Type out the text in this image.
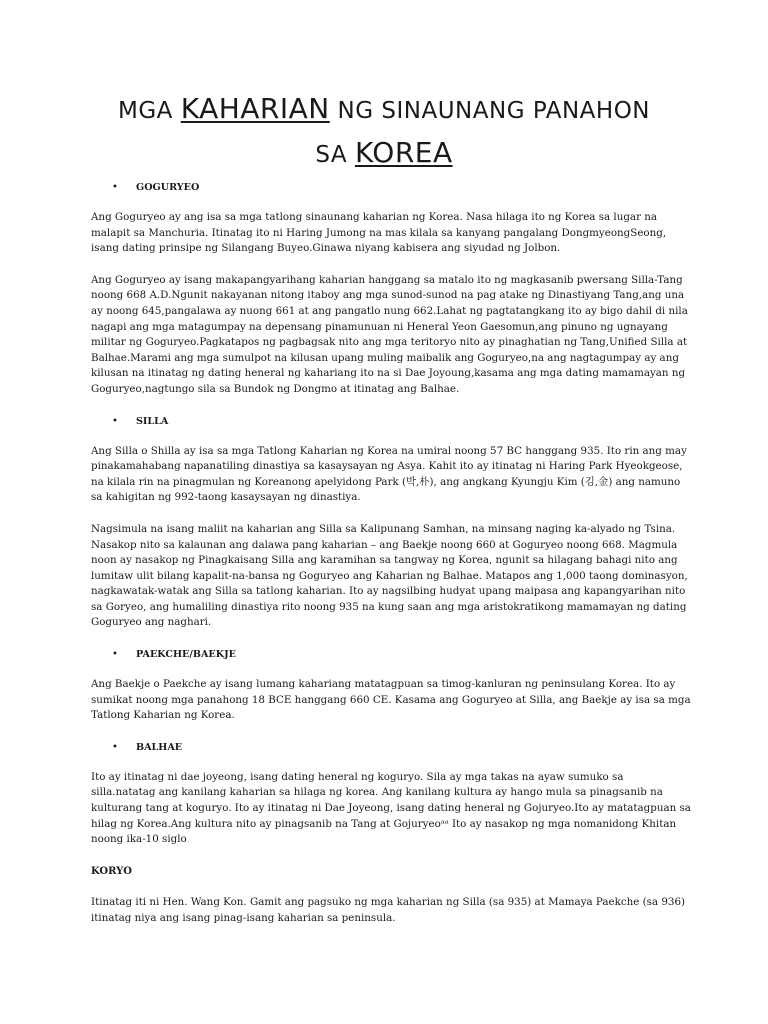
MGA KAHARIAN NG SINAUNANG PANAHON
SA KOREA
• GOGURYEO

Ang Goguryeo ay ang isa sa mga tatlong sinaunang kaharian ng Korea. Nasa hilaga ito ng Korea sa lugar na malapit sa Manchuria. Itinatag ito ni Haring Jumong na mas kilala sa kanyang pangalang DongmyeongSeong, isang dating prinsipe ng Silangang Buyeo.Ginawa niyang kabisera ang siyudad ng Jolbon.

Ang Goguryeo ay isang makapangyarihang kaharian hanggang sa matalo ito ng magkasanib pwersang Silla-Tang noong 668 A.D.Ngunit nakayanan nitong itaboy ang mga sunod-sunod na pag atake ng Dinastiyang Tang,ang una ay noong 645,pangalawa ay nuong 661 at ang pangatlo nung 662.Lahat ng pagtatangkang ito ay bigo dahil di nila nagapi ang mga matagumpay na depensang pinamunuan ni Heneral Yeon Gaesomun,ang pinuno ng ugnayang militar ng Goguryeo.Pagkatapos ng pagbagsak nito ang mga teritoryo nito ay pinaghatian ng Tang,Unified Silla at Balhae.Marami ang mga sumulpot na kilusan upang muling maibalik ang Goguryeo,na ang nagtagumpay ay ang kilusan na itinatag ng dating heneral ng kahariang ito na si Dae Joyoung,kasama ang mga dating mamamayan ng Goguryeo,nagtungo sila sa Bundok ng Dongmo at itinatag ang Balhae.

• SILLA

Ang Silla o Shilla ay isa sa mga Tatlong Kaharian ng Korea na umiral noong 57 BC hanggang 935. Ito rin ang may pinakamahabang napanatiling dinastiya sa kasaysayan ng Asya. Kahit ito ay itinatag ni Haring Park Hyeokgeose, na kilala rin na pinagmulan ng Koreanong apelyidong Park (박,朴), ang angkang Kyungju Kim (김,金) ang namuno sa kahigitan ng 992-taong kasaysayan ng dinastiya.

Nagsimula na isang maliit na kaharian ang Silla sa Kalipunang Samhan, na minsang naging ka-alyado ng Tsina. Nasakop nito sa kalaunan ang dalawa pang kaharian – ang Baekje noong 660 at Goguryeo noong 668. Magmula noon ay nasakop ng Pinagkaisang Silla ang karamihan sa tangway ng Korea, ngunit sa hilagang bahagi nito ang lumitaw ulit bilang kapalit-na-bansa ng Goguryeo ang Kaharian ng Balhae. Matapos ang 1,000 taong dominasyon, nagkawatak-watak ang Silla sa tatlong kaharian. Ito ay nagsilbing hudyat upang maipasa ang kapangyarihan nito sa Goryeo, ang humaliling dinastiya rito noong 935 na kung saan ang mga aristokratikong mamamayan ng dating Goguryeo ang naghari.

• PAEKCHE/BAEKJE

Ang Baekje o Paekche ay isang lumang kahariang matatagpuan sa timog-kanluran ng peninsulang Korea. Ito ay sumikat noong mga panahong 18 BCE hanggang 660 CE. Kasama ang Goguryeo at Silla, ang Baekje ay isa sa mga Tatlong Kaharian ng Korea.

• BALHAE

Ito ay itinatag ni dae joyeong, isang dating heneral ng koguryo. Sila ay mga takas na ayaw sumuko sa silla.natatag ang kanilang kaharian sa hilaga ng korea. Ang kanilang kultura ay hango mula sa pinagsanib na kulturang tang at koguryo. Ito ay itinatag ni Dae Joyeong, isang dating heneral ng Gojuryeo.Ito ay matatagpuan sa hilag ng Korea.Ang kultura nito ay pinagsanib na Tang at Gojuryeoᵃᵃ Ito ay nasakop ng mga nomanidong Khitan noong ika-10 siglo

KORYO

Itinatag iti ni Hen. Wang Kon. Gamit ang pagsuko ng mga kaharian ng Silla (sa 935) at Mamaya Paekche (sa 936) itinatag niya ang isang pinag-isang kaharian sa peninsula.
